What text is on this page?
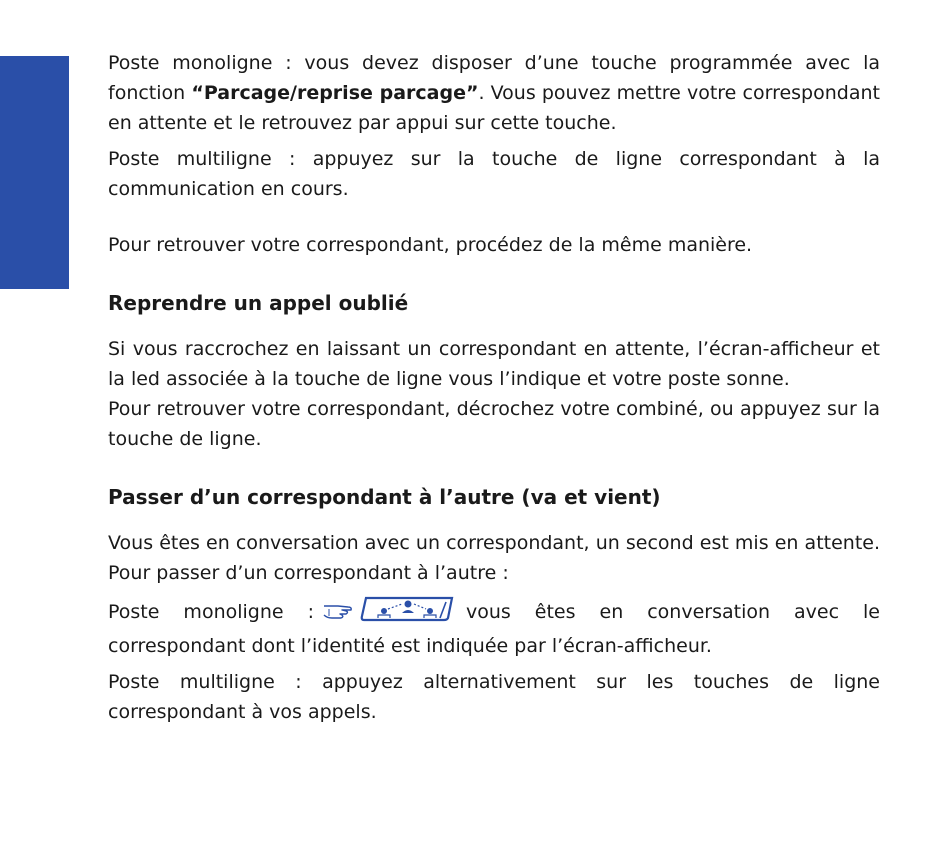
Poste monoligne : vous devez disposer d’une touche programmée avec la fonction “Parcage/reprise parcage”. Vous pouvez mettre votre correspondant en attente et le retrouvez par appui sur cette touche.

Poste multiligne : appuyez sur la touche de ligne correspondant à la communication en cours.

Pour retrouver votre correspondant, procédez de la même manière.

Reprendre un appel oublié

Si vous raccrochez en laissant un correspondant en attente, l’écran-afficheur et la led associée à la touche de ligne vous l’indique et votre poste sonne.

Pour retrouver votre correspondant, décrochez votre combiné, ou appuyez sur la touche de ligne.

Passer d’un correspondant à l’autre (va et vient)

Vous êtes en conversation avec un correspondant, un second est mis en attente. Pour passer d’un correspondant à l’autre :

Poste monoligne :	vous êtes en conversation avec le correspondant dont l’identité est indiquée par l’écran-afficheur.

Poste multiligne : appuyez alternativement sur les touches de ligne correspondant à vos appels.
